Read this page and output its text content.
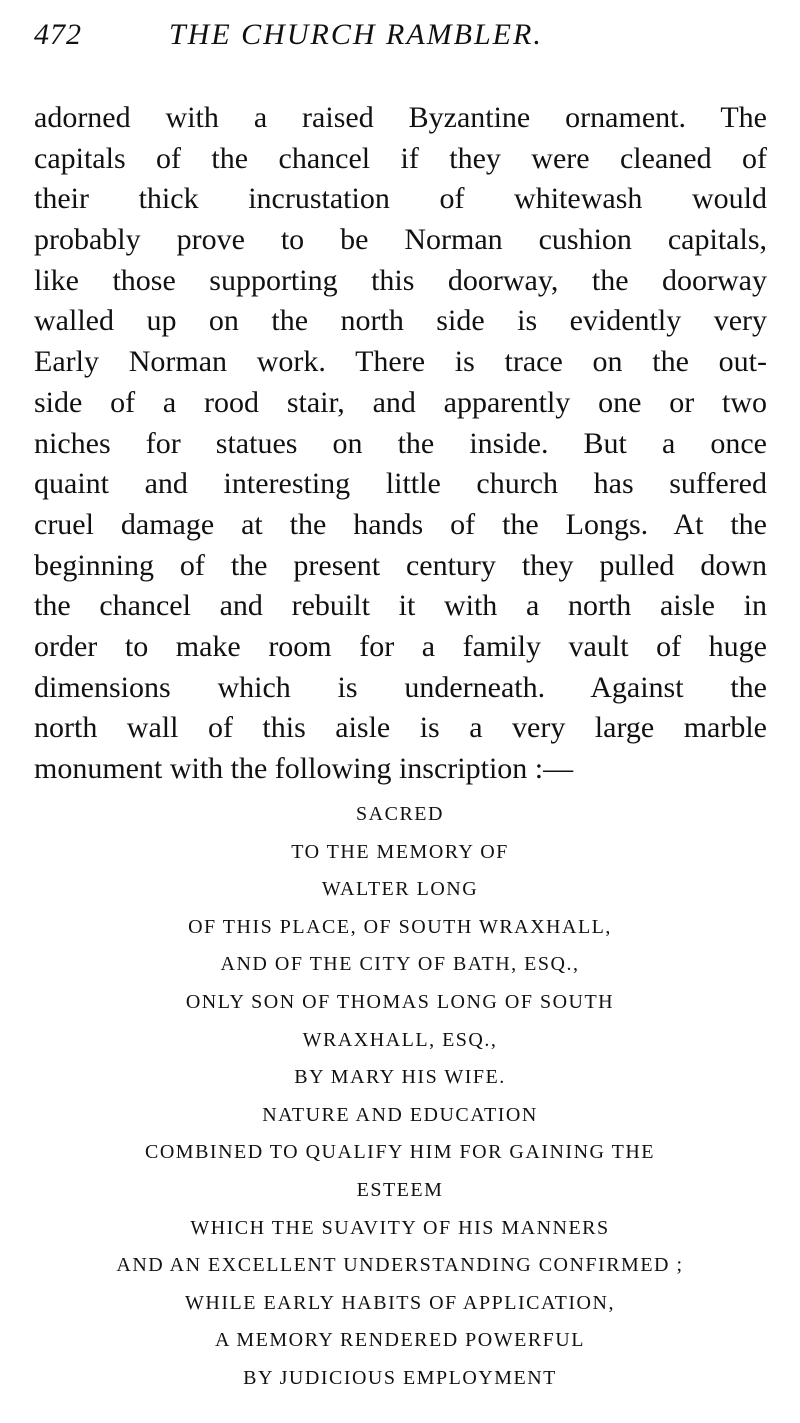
472	THE CHURCH RAMBLER.
adorned with a raised Byzantine ornament. The
capitals of the chancel if they were cleaned of
their thick incrustation of whitewash would
probably prove to be Norman cushion capitals,
like those supporting this doorway, the doorway
walled up on the north side is evidently very
Early Norman work. There is trace on the out-
side of a rood stair, and apparently one or two
niches for statues on the inside. But a once
quaint and interesting little church has suffered
cruel damage at the hands of the Longs. At the
beginning of the present century they pulled down
the chancel and rebuilt it with a north aisle in
order to make room for a family vault of huge
dimensions which is underneath. Against the
north wall of this aisle is a very large marble
monument with the following inscription :—
SACRED
TO THE MEMORY OF
WALTER LONG
OF THIS PLACE, OF SOUTH WRAXHALL,
AND OF THE CITY OF BATH, ESQ.,
ONLY SON OF THOMAS LONG OF SOUTH
WRAXHALL, ESQ.,
BY MARY HIS WIFE.
NATURE AND EDUCATION
COMBINED TO QUALIFY HIM FOR GAINING THE
ESTEEM
WHICH THE SUAVITY OF HIS MANNERS
AND AN EXCELLENT UNDERSTANDING CONFIRMED ;
WHILE EARLY HABITS OF APPLICATION,
A MEMORY RENDERED POWERFUL
BY JUDICIOUS EMPLOYMENT
